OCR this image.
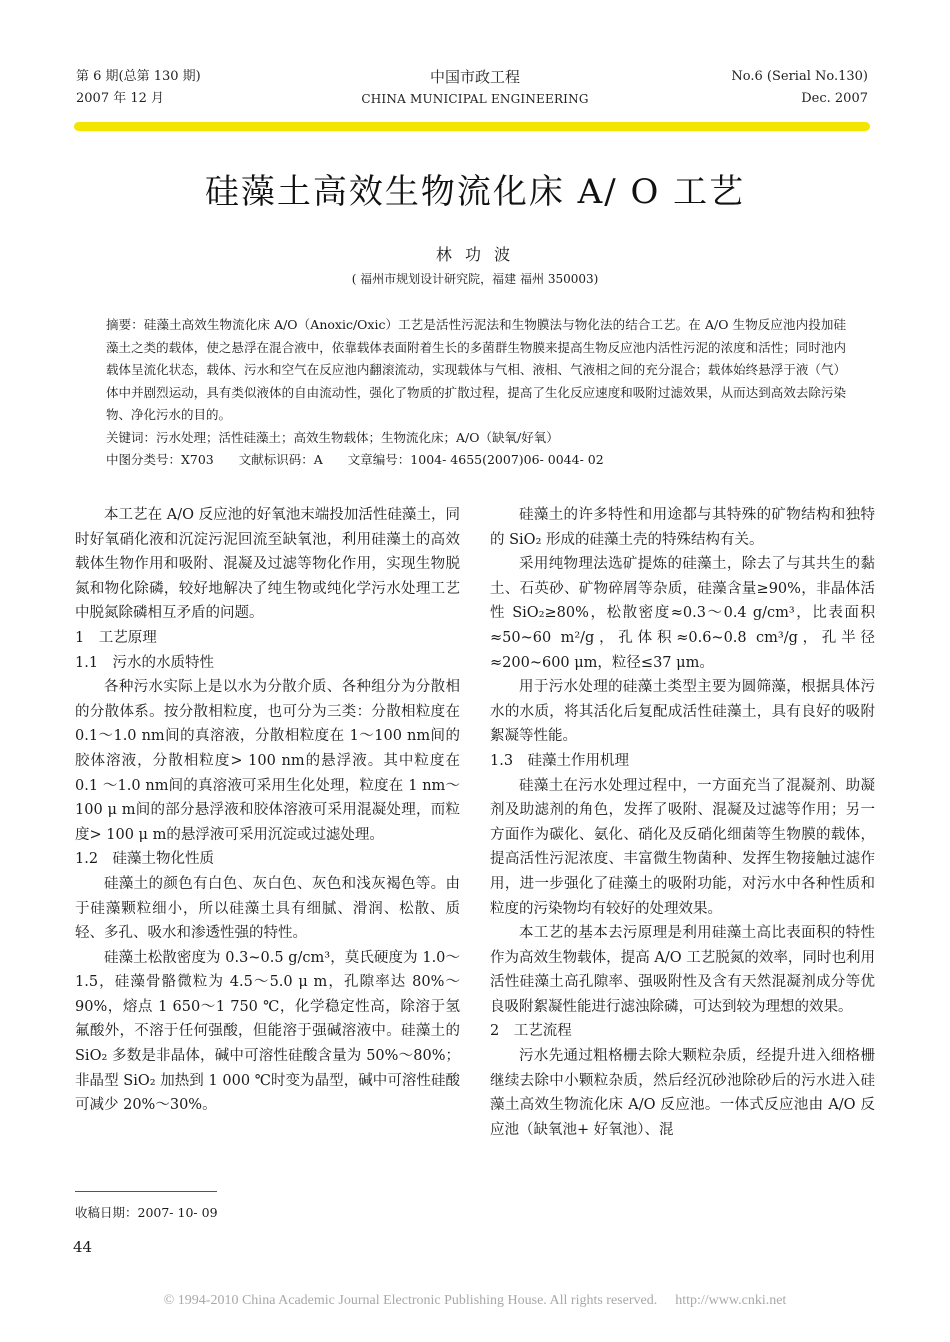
第 6 期(总第 130 期)
2007 年 12 月
中国市政工程
CHINA MUNICIPAL ENGINEERING
No.6 (Serial No.130)
Dec. 2007
硅藻土高效生物流化床 A/ O 工艺
林 功 波
( 福州市规划设计研究院，福建 福州 350003)

摘要：硅藻土高效生物流化床 A/O（Anoxic/Oxic）工艺是活性污泥法和生物膜法与物化法的结合工艺。在 A/O 生物反应池内投加硅藻土之类的载体，使之悬浮在混合液中，依靠载体表面附着生长的多菌群生物膜来提高生物反应池内活性污泥的浓度和活性；同时池内载体呈流化状态，载体、污水和空气在反应池内翻滚流动，实现载体与气相、液相、气液相之间的充分混合；载体始终悬浮于液（气）体中并剧烈运动，具有类似液体的自由流动性，强化了物质的扩散过程，提高了生化反应速度和吸附过滤效果，从而达到高效去除污染物、净化污水的目的。

关键词：污水处理；活性硅藻土；高效生物载体；生物流化床；A/O（缺氧/好氧）

中图分类号：X703　　文献标识码：A　　文章编号：1004- 4655(2007)06- 0044- 02

本工艺在 A/O 反应池的好氧池末端投加活性硅藻土，同时好氧硝化液和沉淀污泥回流至缺氧池，利用硅藻土的高效载体生物作用和吸附、混凝及过滤等物化作用，实现生物脱氮和物化除磷，较好地解决了纯生物或纯化学污水处理工艺中脱氮除磷相互矛盾的问题。

1　工艺原理
1.1　污水的水质特性

各种污水实际上是以水为分散介质、各种组分为分散相的分散体系。按分散相粒度，也可分为三类：分散相粒度在 0.1～1.0 nm间的真溶液，分散相粒度在 1～100 nm间的胶体溶液，分散相粒度> 100 nm的悬浮液。其中粒度在 0.1 ～1.0 nm间的真溶液可采用生化处理，粒度在 1 nm～100 μ m间的部分悬浮液和胶体溶液可采用混凝处理，而粒度> 100 μ m的悬浮液可采用沉淀或过滤处理。

1.2　硅藻土物化性质

硅藻土的颜色有白色、灰白色、灰色和浅灰褐色等。由于硅藻颗粒细小，所以硅藻土具有细腻、滑润、松散、质轻、多孔、吸水和渗透性强的特性。

硅藻土松散密度为 0.3~0.5 g/cm³，莫氏硬度为 1.0～1.5，硅藻骨骼微粒为 4.5～5.0 μ m，孔隙率达 80%～90%，熔点 1 650～1 750 ℃，化学稳定性高，除溶于氢氟酸外，不溶于任何强酸，但能溶于强碱溶液中。硅藻土的 SiO₂ 多数是非晶体，碱中可溶性硅酸含量为 50%～80%；非晶型 SiO₂ 加热到 1 000 ℃时变为晶型，碱中可溶性硅酸可减少 20%～30%。

硅藻土的许多特性和用途都与其特殊的矿物结构和独特的 SiO₂ 形成的硅藻土壳的特殊结构有关。

采用纯物理法选矿提炼的硅藻土，除去了与其共生的黏土、石英砂、矿物碎屑等杂质，硅藻含量≥90%，非晶体活性 SiO₂≥80%，松散密度≈0.3～0.4 g/cm³，比表面积≈50~60 m²/g，孔体积≈0.6~0.8 cm³/g，孔半径≈200~600 μm，粒径≤37 μm。

用于污水处理的硅藻土类型主要为圆筛藻，根据具体污水的水质，将其活化后复配成活性硅藻土，具有良好的吸附絮凝等性能。

1.3　硅藻土作用机理

硅藻土在污水处理过程中，一方面充当了混凝剂、助凝剂及助滤剂的角色，发挥了吸附、混凝及过滤等作用；另一方面作为碳化、氨化、硝化及反硝化细菌等生物膜的载体，提高活性污泥浓度、丰富微生物菌种、发挥生物接触过滤作用，进一步强化了硅藻土的吸附功能，对污水中各种性质和粒度的污染物均有较好的处理效果。

本工艺的基本去污原理是利用硅藻土高比表面积的特性作为高效生物载体，提高 A/O 工艺脱氮的效率，同时也利用活性硅藻土高孔隙率、强吸附性及含有天然混凝剂成分等优良吸附絮凝性能进行滤浊除磷，可达到较为理想的效果。

2　工艺流程

污水先通过粗格栅去除大颗粒杂质，经提升进入细格栅继续去除中小颗粒杂质，然后经沉砂池除砂后的污水进入硅藻土高效生物流化床 A/O 反应池。一体式反应池由 A/O 反应池（缺氧池+ 好氧池）、混

收稿日期：2007- 10- 09
44
© 1994-2010 China Academic Journal Electronic Publishing House. All rights reserved. http://www.cnki.net
